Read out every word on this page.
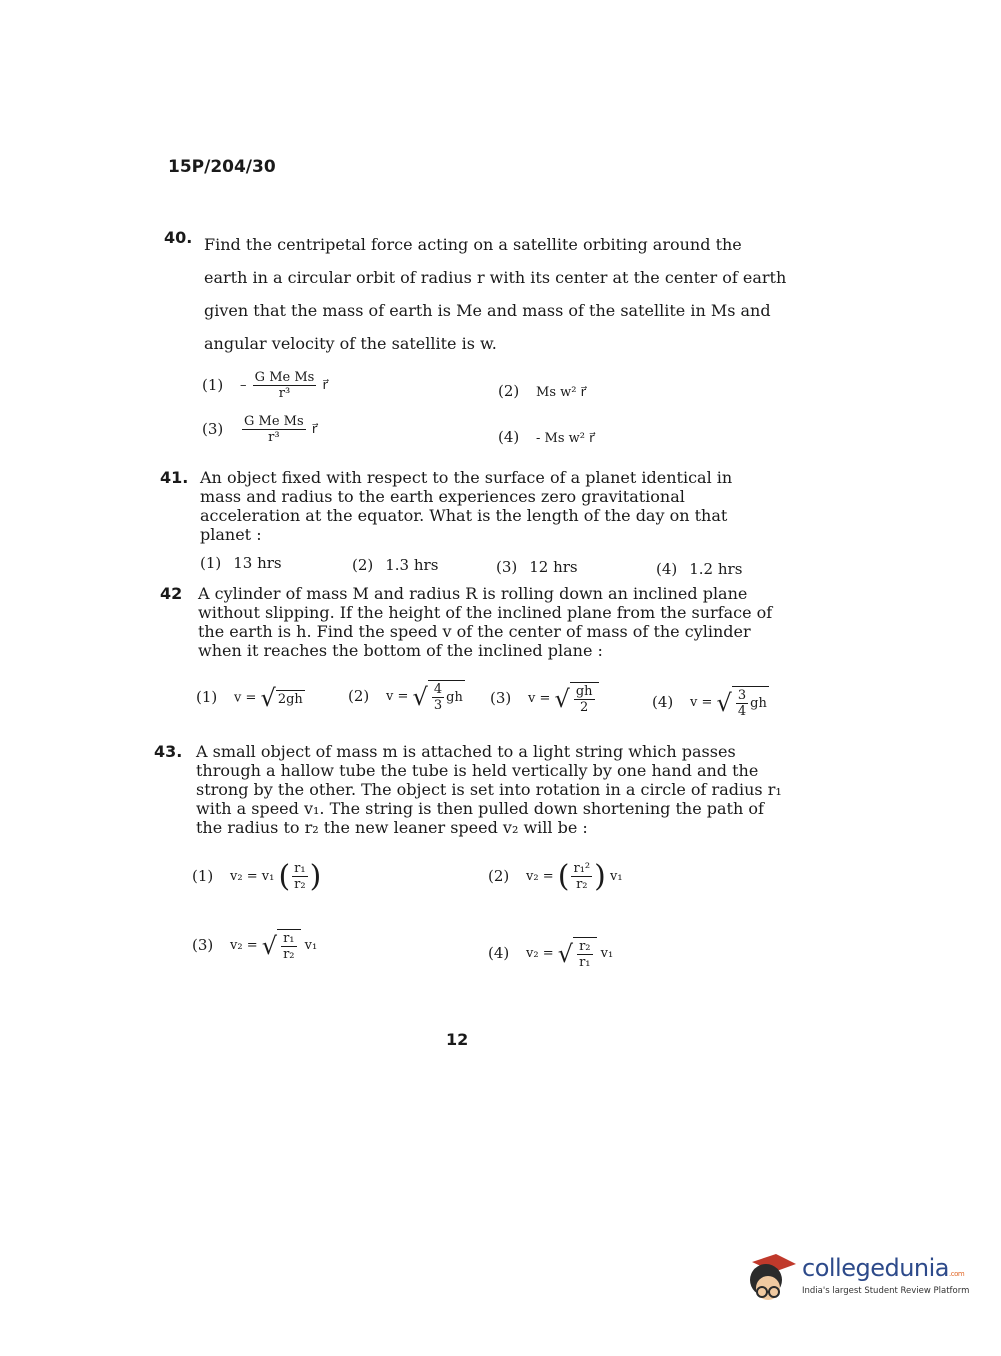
15P/204/30
40. Find the centripetal force acting on a satellite orbiting around the earth in a circular orbit of radius r with its center at the center of earth given that the mass of earth is Me and mass of the satellite in Ms and angular velocity of the satellite is w.
$(1) - \frac{\text{G Me Ms}}{\text{r³}}$ r⃗	(2) Ms w² r⃗
$(3) \frac{\text{G Me Ms}}{\text{r³}}$ r⃗	(4) - Ms w² r⃗
41. An object fixed with respect to the surface of a planet identical in mass and radius to the earth experiences zero gravitational acceleration at the equator. What is the length of the day on that planet :
(1) 13 hrs	(2) 1.3 hrs	(3) 12 hrs	(4) 1.2 hrs
42 A cylinder of mass M and radius R is rolling down an inclined plane without slipping. If the height of the inclined plane from the surface of the earth is h. Find the speed v of the center of mass of the cylinder when it reaches the bottom of the inclined plane :
(1) v = √ 2gh	(2) v = √ $\frac{4}{3}$ gh (3) v = √ $\frac{gh}{2}$	(4) v = √ $\frac{3}{4}$ gh
43. A small object of mass m is attached to a light string which passes through a hallow tube the tube is held vertically by one hand and the strong by the other. The object is set into rotation in a circle of radius r₁ with a speed v₁. The string is then pulled down shortening the path of the radius to r₂ the new leaner speed v₂ will be :
(1) v₂ = v₁ ( $\frac{\text{r₁}}{\text{r₂}}$ )	(2) v₂ = ( $\frac{\text{r₁²}}{\text{r₂}}$ ) v₁
(3) v₂ = √ $\frac{\text{r₁}}{\text{r₂}} v_1$	(4) v₂ = √ $\frac{\text{r₂}}{\text{r₁}} v_1$
12
collegedunia.com
India's largest Student Review Platform
